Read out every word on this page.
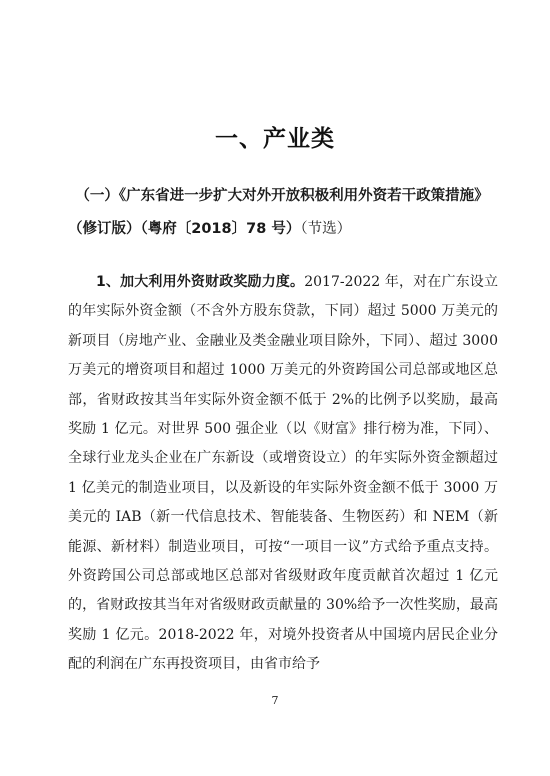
一、产业类
（一）《广东省进一步扩大对外开放积极利用外资若干政策措施》
（修订版）（粤府〔2018〕78 号）（节选）
1、加大利用外资财政奖励力度。2017-2022 年，对在广东设立的年实际外资金额（不含外方股东贷款，下同）超过 5000 万美元的新项目（房地产业、金融业及类金融业项目除外，下同）、超过 3000 万美元的增资项目和超过 1000 万美元的外资跨国公司总部或地区总部，省财政按其当年实际外资金额不低于 2%的比例予以奖励，最高奖励 1 亿元。对世界 500 强企业（以《财富》排行榜为准，下同）、全球行业龙头企业在广东新设（或增资设立）的年实际外资金额超过 1 亿美元的制造业项目，以及新设的年实际外资金额不低于 3000 万美元的 IAB（新一代信息技术、智能装备、生物医药）和 NEM（新能源、新材料）制造业项目，可按“一项目一议”方式给予重点支持。外资跨国公司总部或地区总部对省级财政年度贡献首次超过 1 亿元的，省财政按其当年对省级财政贡献量的 30%给予一次性奖励，最高奖励 1 亿元。2018-2022 年，对境外投资者从中国境内居民企业分配的利润在广东再投资项目，由省市给予
7
